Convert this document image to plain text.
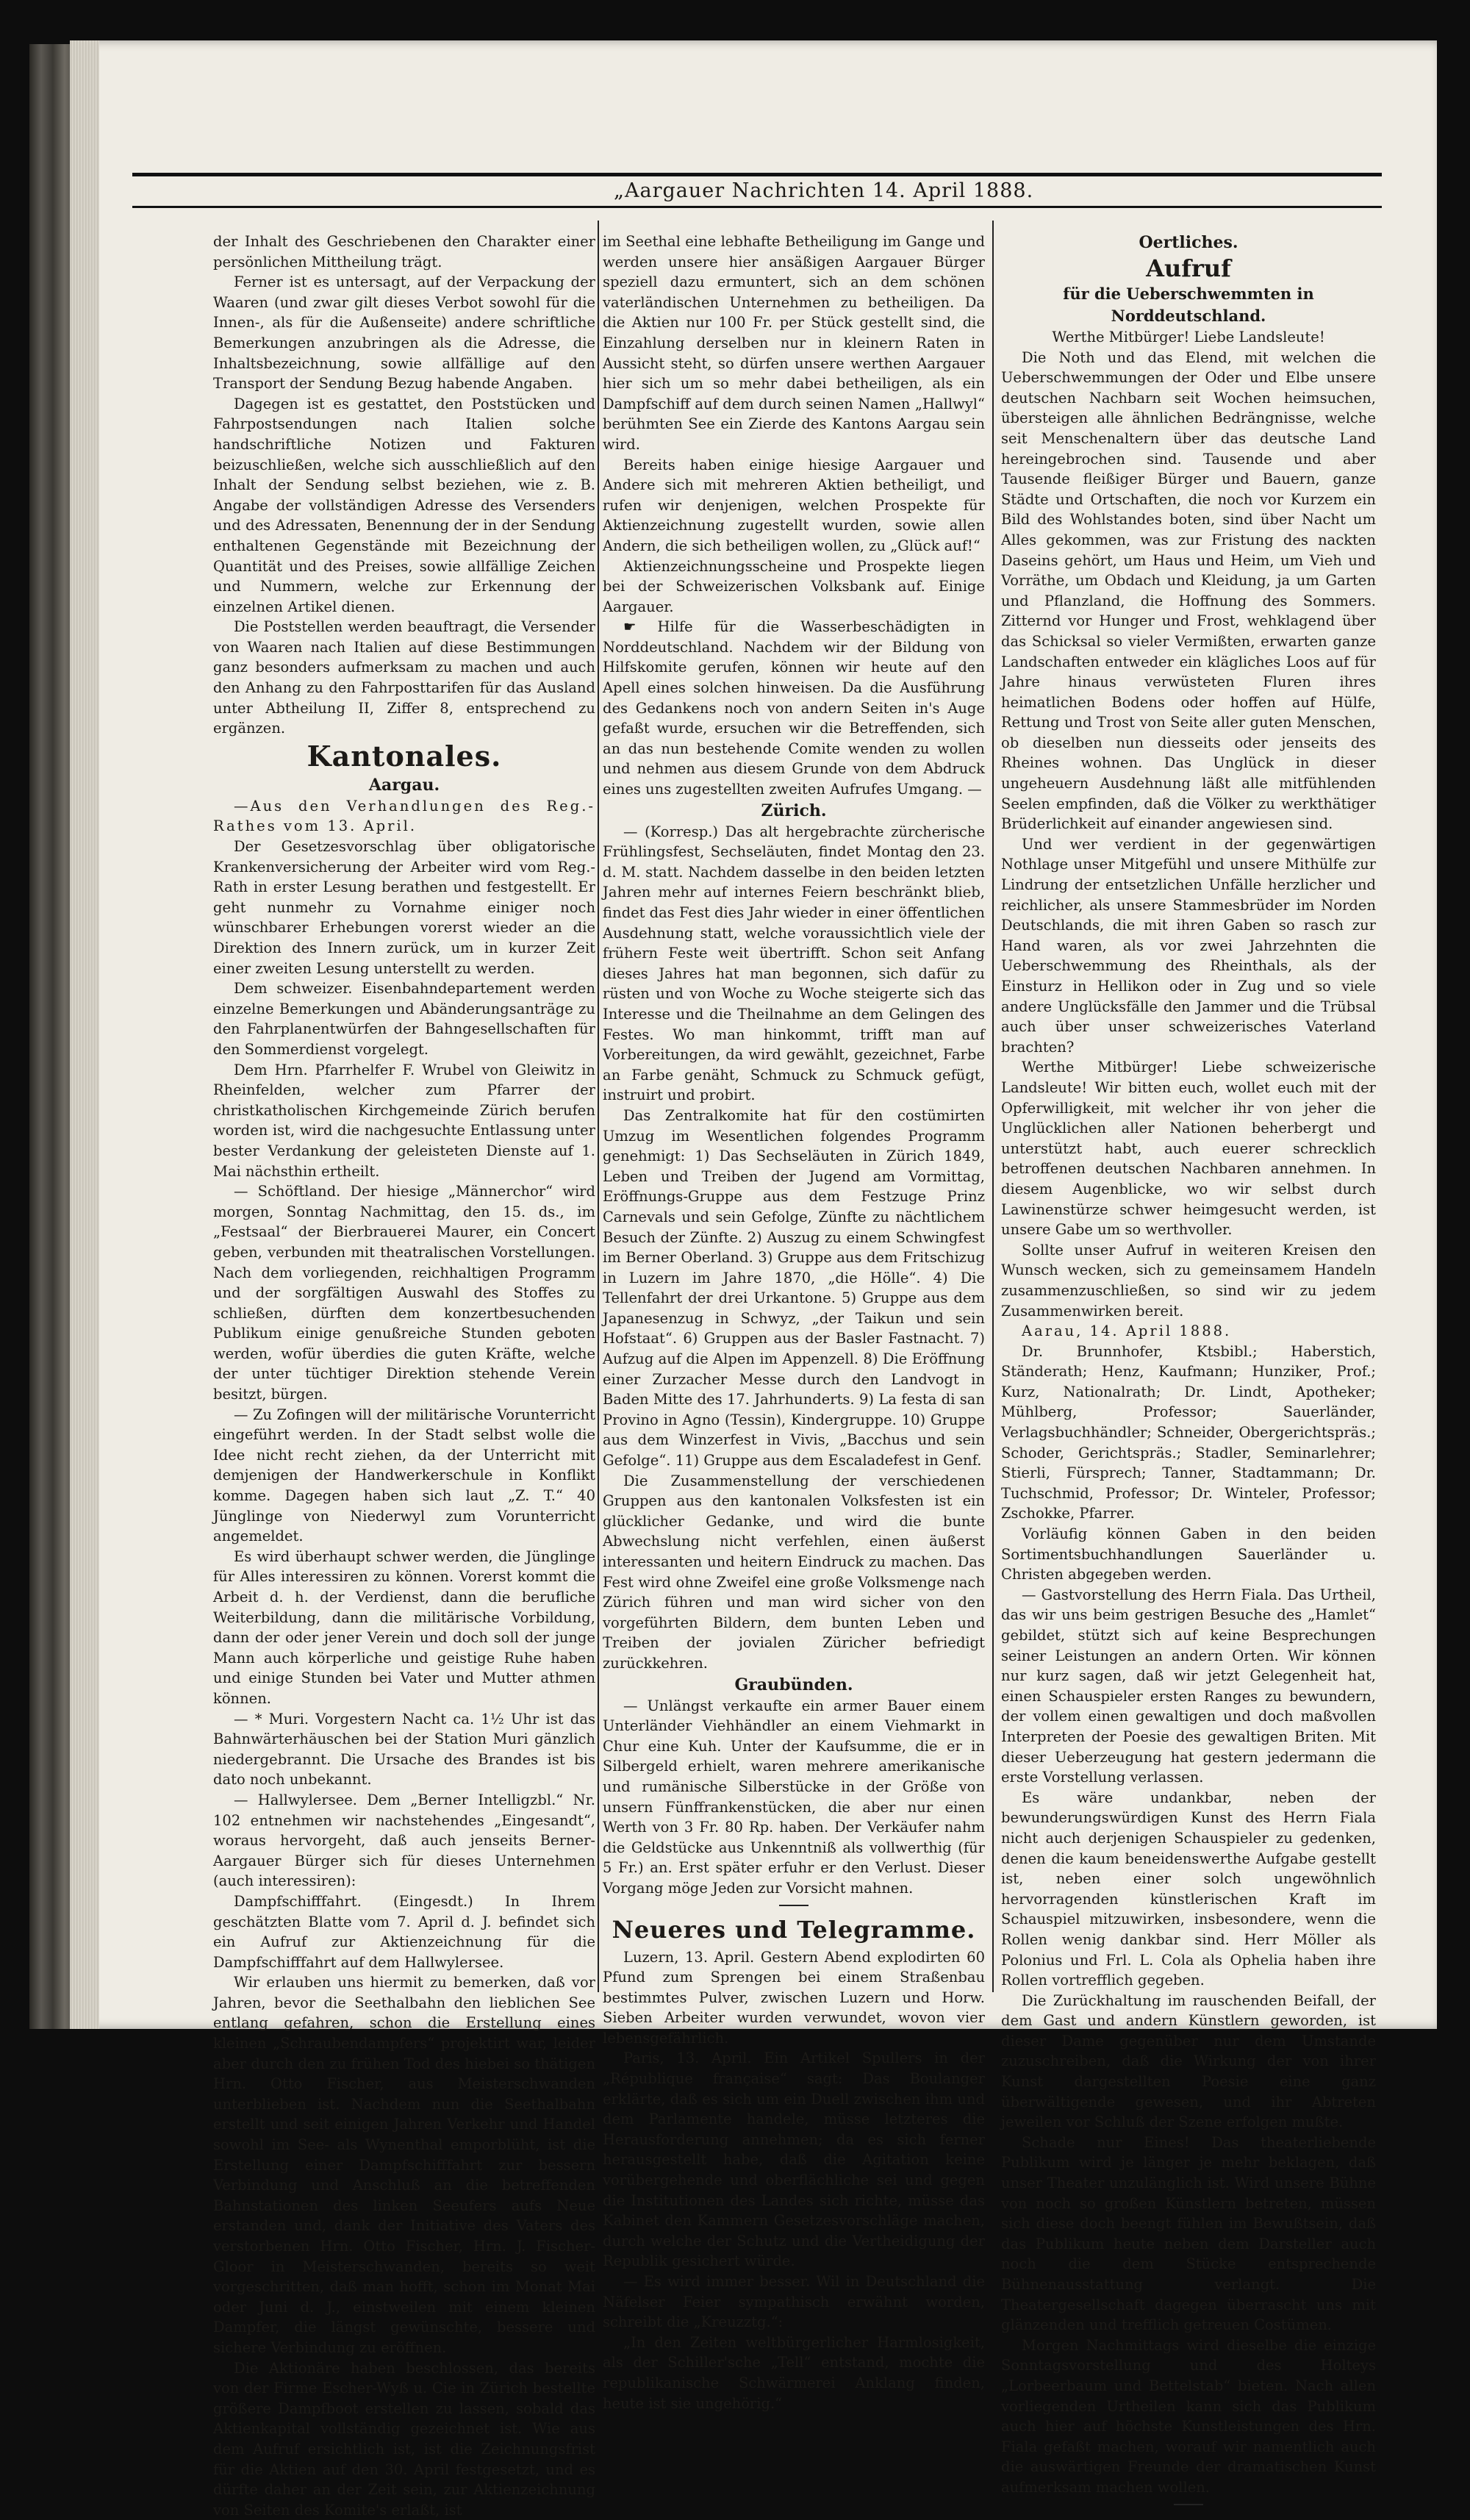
„Aargauer Nachrichten 14. April 1888.

der Inhalt des Geschriebenen den Charakter einer persönlichen Mittheilung trägt.

Ferner ist es untersagt, auf der Verpackung der Waaren (und zwar gilt dieses Verbot sowohl für die Innen-, als für die Außenseite) andere schriftliche Bemerkungen anzubringen als die Adresse, die Inhaltsbezeichnung, sowie allfällige auf den Transport der Sendung Bezug habende Angaben.

Dagegen ist es gestattet, den Poststücken und Fahrpostsendungen nach Italien solche handschriftliche Notizen und Fakturen beizuschließen, welche sich ausschließlich auf den Inhalt der Sendung selbst beziehen, wie z. B. Angabe der vollständigen Adresse des Versenders und des Adressaten, Benennung der in der Sendung enthaltenen Gegenstände mit Bezeichnung der Quantität und des Preises, sowie allfällige Zeichen und Nummern, welche zur Erkennung der einzelnen Artikel dienen.

Die Poststellen werden beauftragt, die Versender von Waaren nach Italien auf diese Bestimmungen ganz besonders aufmerksam zu machen und auch den Anhang zu den Fahrposttarifen für das Ausland unter Abtheilung II, Ziffer 8, entsprechend zu ergänzen.

Kantonales.

Aargau.

—Aus den Verhandlungen des Reg.-Rathes vom 13. April.

Der Gesetzesvorschlag über obligatorische Krankenversicherung der Arbeiter wird vom Reg.-Rath in erster Lesung berathen und festgestellt. Er geht nunmehr zu Vornahme einiger noch wünschbarer Erhebungen vorerst wieder an die Direktion des Innern zurück, um in kurzer Zeit einer zweiten Lesung unterstellt zu werden.

Dem schweizer. Eisenbahndepartement werden einzelne Bemerkungen und Abänderungsanträge zu den Fahrplanentwürfen der Bahngesellschaften für den Sommerdienst vorgelegt.

Dem Hrn. Pfarrhelfer F. Wrubel von Gleiwitz in Rheinfelden, welcher zum Pfarrer der christkatholischen Kirchgemeinde Zürich berufen worden ist, wird die nachgesuchte Entlassung unter bester Verdankung der geleisteten Dienste auf 1. Mai nächsthin ertheilt.

— Schöftland. Der hiesige „Männerchor“ wird morgen, Sonntag Nachmittag, den 15. ds., im „Festsaal“ der Bierbrauerei Maurer, ein Concert geben, verbunden mit theatralischen Vorstellungen. Nach dem vorliegenden, reichhaltigen Programm und der sorgfältigen Auswahl des Stoffes zu schließen, dürften dem konzertbesuchenden Publikum einige genußreiche Stunden geboten werden, wofür überdies die guten Kräfte, welche der unter tüchtiger Direktion stehende Verein besitzt, bürgen.

— Zu Zofingen will der militärische Vorunterricht eingeführt werden. In der Stadt selbst wolle die Idee nicht recht ziehen, da der Unterricht mit demjenigen der Handwerkerschule in Konflikt komme. Dagegen haben sich laut „Z. T.“ 40 Jünglinge von Niederwyl zum Vorunterricht angemeldet.

Es wird überhaupt schwer werden, die Jünglinge für Alles interessiren zu können. Vorerst kommt die Arbeit d. h. der Verdienst, dann die berufliche Weiterbildung, dann die militärische Vorbildung, dann der oder jener Verein und doch soll der junge Mann auch körperliche und geistige Ruhe haben und einige Stunden bei Vater und Mutter athmen können.

— * Muri. Vorgestern Nacht ca. 1½ Uhr ist das Bahnwärterhäuschen bei der Station Muri gänzlich niedergebrannt. Die Ursache des Brandes ist bis dato noch unbekannt.

— Hallwylersee. Dem „Berner Intelligzbl.“ Nr. 102 entnehmen wir nachstehendes „Eingesandt“, woraus hervorgeht, daß auch jenseits Berner-Aargauer Bürger sich für dieses Unternehmen (auch interessiren):

Dampfschifffahrt. (Eingesdt.) In Ihrem geschätzten Blatte vom 7. April d. J. befindet sich ein Aufruf zur Aktienzeichnung für die Dampfschifffahrt auf dem Hallwylersee.

Wir erlauben uns hiermit zu bemerken, daß vor Jahren, bevor die Seethalbahn den lieblichen See entlang gefahren, schon die Erstellung eines kleinen „Schraubendampfers“ projektirt war, leider aber durch den zu frühen Tod des hiebei so thätigen Hrn. Otto Fischer, aus Meisterschwanden unterblieben ist. Nachdem nun die Seethalbahn erstellt und seit einigen Jahren Verkehr und Handel sowohl im See- als Wynenthal emporblüht, ist die Erstellung einer Dampfschifffahrt zur bessern Verbindung und Anschluß an die betreffenden Bahnstationen des linken Seeufers aufs Neue erstanden und, dank der Initiative des Vaters des verstorbenen Hrn. Otto Fischer, Hrn. J. Fischer-Gloor in Meisterschwanden, bereits so weit vorgeschritten, daß man hofft, schon im Monat Mai oder Juni d. J., einstweilen mit einem kleinen Dampfer, die längst gewünschte, bessere und sichere Verbindung zu eröffnen.

Die Aktionäre haben beschlossen, das bereits von der Firme Escher-Wyß u. Cie in Zürich bestellte größere Dampfboot erstellen zu lassen, sobald das Aktienkapital vollständig gezeichnet ist. Wie aus dem Aufruf ersichtlich ist, ist die Zeichnungsfrist für die Aktien auf den 30. April festgesetzt, und es dürfte daher an der Zeit sein, zur Aktienzeichnung von Seiten des Komite's erlaßt, ist

im Seethal eine lebhafte Betheiligung im Gange und werden unsere hier ansäßigen Aargauer Bürger speziell dazu ermuntert, sich an dem schönen vaterländischen Unternehmen zu betheiligen. Da die Aktien nur 100 Fr. per Stück gestellt sind, die Einzahlung derselben nur in kleinern Raten in Aussicht steht, so dürfen unsere werthen Aargauer hier sich um so mehr dabei betheiligen, als ein Dampfschiff auf dem durch seinen Namen „Hallwyl“ berühmten See ein Zierde des Kantons Aargau sein wird.

Bereits haben einige hiesige Aargauer und Andere sich mit mehreren Aktien betheiligt, und rufen wir denjenigen, welchen Prospekte für Aktienzeichnung zugestellt wurden, sowie allen Andern, die sich betheiligen wollen, zu „Glück auf!“

Aktienzeichnungsscheine und Prospekte liegen bei der Schweizerischen Volksbank auf. Einige Aargauer.

☛ Hilfe für die Wasserbeschädigten in Norddeutschland. Nachdem wir der Bildung von Hilfskomite gerufen, können wir heute auf den Apell eines solchen hinweisen. Da die Ausführung des Gedankens noch von andern Seiten in's Auge gefaßt wurde, ersuchen wir die Betreffenden, sich an das nun bestehende Comite wenden zu wollen und nehmen aus diesem Grunde von dem Abdruck eines uns zugestellten zweiten Aufrufes Umgang. —

Zürich.

— (Korresp.) Das alt hergebrachte zürcherische Frühlingsfest, Sechseläuten, findet Montag den 23. d. M. statt. Nachdem dasselbe in den beiden letzten Jahren mehr auf internes Feiern beschränkt blieb, findet das Fest dies Jahr wieder in einer öffentlichen Ausdehnung statt, welche voraussichtlich viele der frühern Feste weit übertrifft. Schon seit Anfang dieses Jahres hat man begonnen, sich dafür zu rüsten und von Woche zu Woche steigerte sich das Interesse und die Theilnahme an dem Gelingen des Festes. Wo man hinkommt, trifft man auf Vorbereitungen, da wird gewählt, gezeichnet, Farbe an Farbe genäht, Schmuck zu Schmuck gefügt, instruirt und probirt.

Das Zentralkomite hat für den costümirten Umzug im Wesentlichen folgendes Programm genehmigt: 1) Das Sechseläuten in Zürich 1849, Leben und Treiben der Jugend am Vormittag, Eröffnungs-Gruppe aus dem Festzuge Prinz Carnevals und sein Gefolge, Zünfte zu nächtlichem Besuch der Zünfte. 2) Auszug zu einem Schwingfest im Berner Oberland. 3) Gruppe aus dem Fritschizug in Luzern im Jahre 1870, „die Hölle“. 4) Die Tellenfahrt der drei Urkantone. 5) Gruppe aus dem Japanesenzug in Schwyz, „der Taikun und sein Hofstaat“. 6) Gruppen aus der Basler Fastnacht. 7) Aufzug auf die Alpen im Appenzell. 8) Die Eröffnung einer Zurzacher Messe durch den Landvogt in Baden Mitte des 17. Jahrhunderts. 9) La festa di san Provino in Agno (Tessin), Kindergruppe. 10) Gruppe aus dem Winzerfest in Vivis, „Bacchus und sein Gefolge“. 11) Gruppe aus dem Escaladefest in Genf.

Die Zusammenstellung der verschiedenen Gruppen aus den kantonalen Volksfesten ist ein glücklicher Gedanke, und wird die bunte Abwechslung nicht verfehlen, einen äußerst interessanten und heitern Eindruck zu machen. Das Fest wird ohne Zweifel eine große Volksmenge nach Zürich führen und man wird sicher von den vorgeführten Bildern, dem bunten Leben und Treiben der jovialen Züricher befriedigt zurückkehren.

Graubünden.

— Unlängst verkaufte ein armer Bauer einem Unterländer Viehhändler an einem Viehmarkt in Chur eine Kuh. Unter der Kaufsumme, die er in Silbergeld erhielt, waren mehrere amerikanische und rumänische Silberstücke in der Größe von unsern Fünffrankenstücken, die aber nur einen Werth von 3 Fr. 80 Rp. haben. Der Verkäufer nahm die Geldstücke aus Unkenntniß als vollwerthig (für 5 Fr.) an. Erst später erfuhr er den Verlust. Dieser Vorgang möge Jeden zur Vorsicht mahnen.

Neueres und Telegramme.

Luzern, 13. April. Gestern Abend explodirten 60 Pfund zum Sprengen bei einem Straßenbau bestimmtes Pulver, zwischen Luzern und Horw. Sieben Arbeiter wurden verwundet, wovon vier lebensgefährlich.

Paris, 13. April. Ein Artikel Spullers in der „République française“ sagt: Das Boulanger erklärte, daß es sich um ein Duell zwischen ihm und dem Parlamente handele, müsse letzteres die Herausforderung annehmen; da es sich ferner herausgestellt habe, daß die Agitation keine vorübergehende und oberflächliche sei und gegen die Institutionen des Landes sich richte, müsse das Kabinet den Kammern Gesetzesvorschläge machen, durch welche der Schutz und die Vertheidigung der Republik gesichert würde.

— Es wird immer besser. Wil in Deutschland die Näfelser Feier sympathisch erwähnt worden, schreibt die „Kreuzztg.“:

„In den Zeiten weltbürgerlicher Harmlosigkeit, als der Schiller'sche „Tell“ entstand, mochte die republikanische Schwärmerei Anklang finden, heute ist sie ungehörig.“

Oertliches.

Aufruf

für die Ueberschwemmten in Norddeutschland.

Werthe Mitbürger! Liebe Landsleute!

Die Noth und das Elend, mit welchen die Ueberschwemmungen der Oder und Elbe unsere deutschen Nachbarn seit Wochen heimsuchen, übersteigen alle ähnlichen Bedrängnisse, welche seit Menschenaltern über das deutsche Land hereingebrochen sind. Tausende und aber Tausende fleißiger Bürger und Bauern, ganze Städte und Ortschaften, die noch vor Kurzem ein Bild des Wohlstandes boten, sind über Nacht um Alles gekommen, was zur Fristung des nackten Daseins gehört, um Haus und Heim, um Vieh und Vorräthe, um Obdach und Kleidung, ja um Garten und Pflanzland, die Hoffnung des Sommers. Zitternd vor Hunger und Frost, wehklagend über das Schicksal so vieler Vermißten, erwarten ganze Landschaften entweder ein klägliches Loos auf für Jahre hinaus verwüsteten Fluren ihres heimatlichen Bodens oder hoffen auf Hülfe, Rettung und Trost von Seite aller guten Menschen, ob dieselben nun diesseits oder jenseits des Rheines wohnen. Das Unglück in dieser ungeheuern Ausdehnung läßt alle mitfühlenden Seelen empfinden, daß die Völker zu werkthätiger Brüderlichkeit auf einander angewiesen sind.

Und wer verdient in der gegenwärtigen Nothlage unser Mitgefühl und unsere Mithülfe zur Lindrung der entsetzlichen Unfälle herzlicher und reichlicher, als unsere Stammesbrüder im Norden Deutschlands, die mit ihren Gaben so rasch zur Hand waren, als vor zwei Jahrzehnten die Ueberschwemmung des Rheinthals, als der Einsturz in Hellikon oder in Zug und so viele andere Unglücksfälle den Jammer und die Trübsal auch über unser schweizerisches Vaterland brachten?

Werthe Mitbürger! Liebe schweizerische Landsleute! Wir bitten euch, wollet euch mit der Opferwilligkeit, mit welcher ihr von jeher die Unglücklichen aller Nationen beherbergt und unterstützt habt, auch euerer schrecklich betroffenen deutschen Nachbaren annehmen. In diesem Augenblicke, wo wir selbst durch Lawinenstürze schwer heimgesucht werden, ist unsere Gabe um so werthvoller.

Sollte unser Aufruf in weiteren Kreisen den Wunsch wecken, sich zu gemeinsamem Handeln zusammenzuschließen, so sind wir zu jedem Zusammenwirken bereit.

Aarau, 14. April 1888.

Dr. Brunnhofer, Ktsbibl.; Haberstich, Ständerath; Henz, Kaufmann; Hunziker, Prof.; Kurz, Nationalrath; Dr. Lindt, Apotheker; Mühlberg, Professor; Sauerländer, Verlagsbuchhändler; Schneider, Obergerichtspräs.; Schoder, Gerichtspräs.; Stadler, Seminarlehrer; Stierli, Fürsprech; Tanner, Stadtammann; Dr. Tuchschmid, Professor; Dr. Winteler, Professor; Zschokke, Pfarrer.

Vorläufig können Gaben in den beiden Sortimentsbuchhandlungen Sauerländer u. Christen abgegeben werden.

— Gastvorstellung des Herrn Fiala. Das Urtheil, das wir uns beim gestrigen Besuche des „Hamlet“ gebildet, stützt sich auf keine Besprechungen seiner Leistungen an andern Orten. Wir können nur kurz sagen, daß wir jetzt Gelegenheit hat, einen Schauspieler ersten Ranges zu bewundern, der vollem einen gewaltigen und doch maßvollen Interpreten der Poesie des gewaltigen Briten. Mit dieser Ueberzeugung hat gestern jedermann die erste Vorstellung verlassen.

Es wäre undankbar, neben der bewunderungswürdigen Kunst des Herrn Fiala nicht auch derjenigen Schauspieler zu gedenken, denen die kaum beneidenswerthe Aufgabe gestellt ist, neben einer solch ungewöhnlich hervorragenden künstlerischen Kraft im Schauspiel mitzuwirken, insbesondere, wenn die Rollen wenig dankbar sind. Herr Möller als Polonius und Frl. L. Cola als Ophelia haben ihre Rollen vortrefflich gegeben.

Die Zurückhaltung im rauschenden Beifall, der dem Gast und andern Künstlern geworden, ist dieser Dame gegenüber nur dem Umstande zuzuschreiben, daß die Wirkung der von ihrer Kunst dargestellten Poesie eine ganz überwältigende gewesen, und ihr Abtreten jeweilen vor Schluß der Szene erfolgen mußte.

Schade nur Eines! Das theaterliebende Publikum wird je länger je mehr beklagen, daß unser Theater unzulänglich ist. Wird unsere Bühne von noch so großen Künstlern betreten, müssen sich diese doch beengt fühlen im Bewußtsein, daß das Publikum heute neben dem Darsteller auch noch die dem Stücke entsprechende Bühnenausstattung verlangt. Die Theatergesellschaft dagegen überrascht uns mit glänzenden und trefflich getreuen Costümen.

Morgen Nachmittags wird dieselbe die einzige Sonntagsvorstellung und des Holteys „Lorbeerbaum und Bettelstab“ bieten. Nach allen vorliegenden Urtheilen kann sich das Publikum auch hier auf höchste Kunstleistungen des Hrn. Fiala gefaßt machen, worauf wir namentlich auch die auswärtigen Freunde der dramatischen Kunst aufmerksam machen wollen.
